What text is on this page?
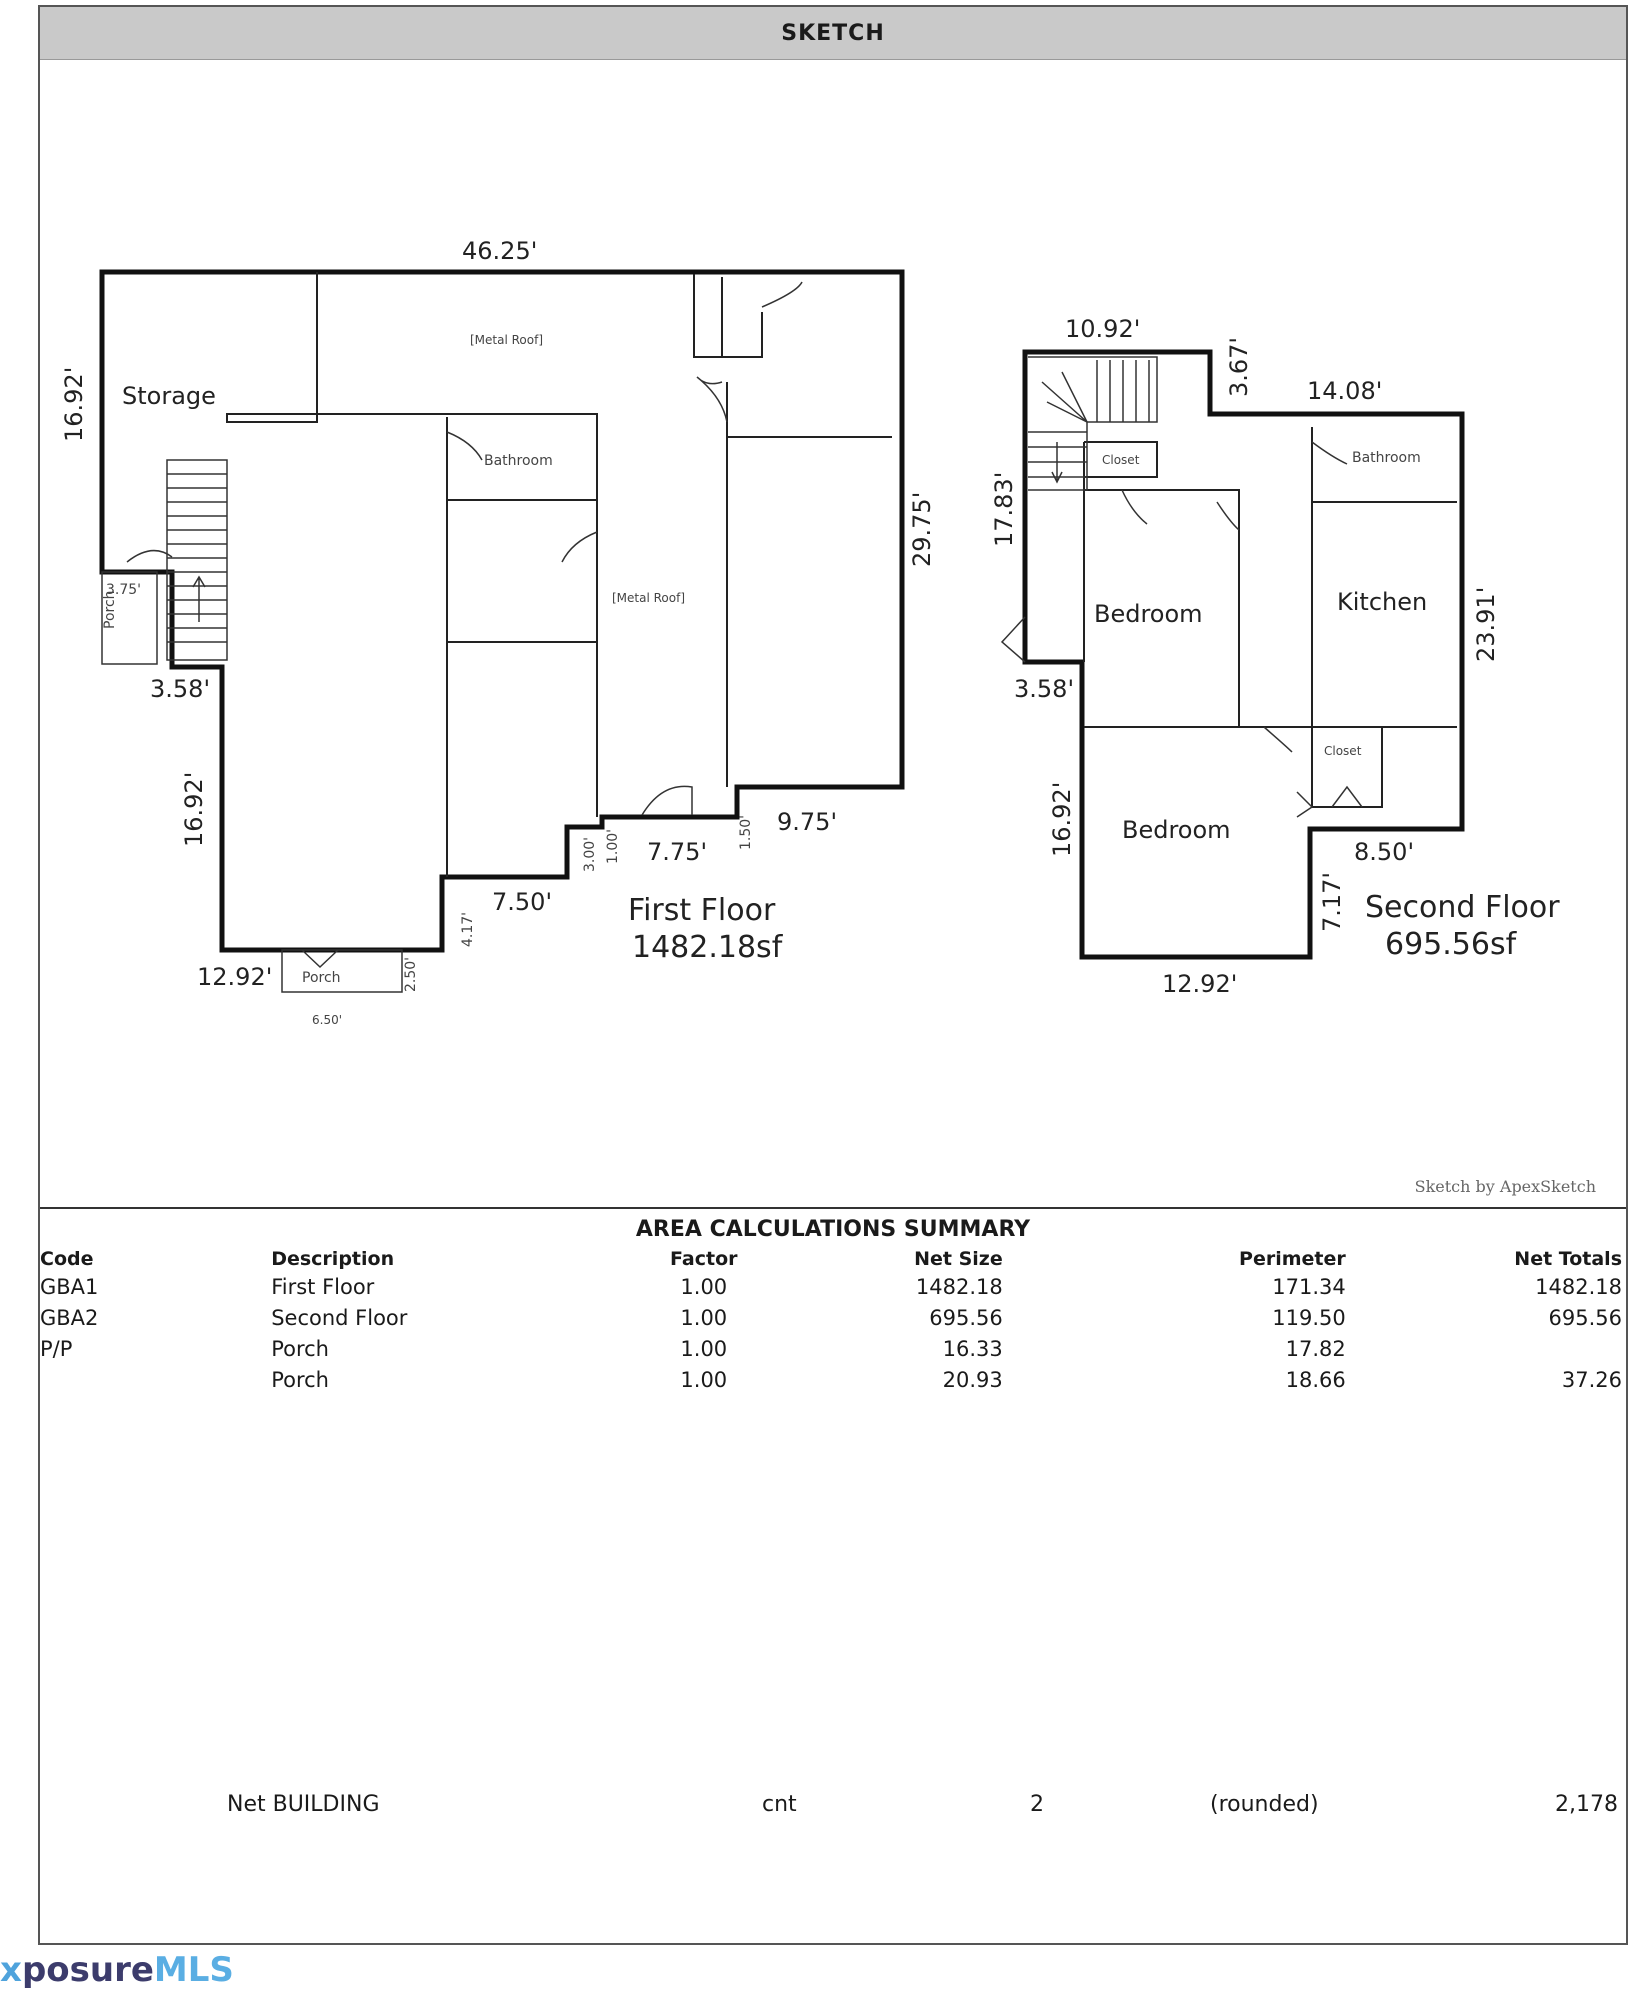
SKETCH
Storage
Bathroom
[Metal Roof]
[Metal Roof]
Porch
Porch
46.25'
16.92'
29.75'
3.75'
3.58'
16.92'
12.92'	2.50'
6.50'
4.17'
7.50'
3.00' 1.00' 7.75'
1.50' 9.75'
First Floor
1482.18sf
Closet	Bathroom
Bedroom	Kitchen
Closet
Bedroom
10.92'
3.67' 14.08'
17.83'
23.91'
3.58'
16.92'	8.50'
7.17'
12.92'
Second Floor
695.56sf
Sketch by ApexSketch
AREA CALCULATIONS SUMMARY
Code	Description	Factor	Net Size	Perimeter	Net Totals
GBA1	First Floor	1.00	1482.18	171.34	1482.18
GBA2	Second Floor	1.00	695.56	119.50	695.56
P/P	Porch	1.00	16.33	17.82	
	Porch	1.00	20.93	18.66	37.26
Net BUILDING	cnt	2	(rounded)	2,178
x posure MLS
